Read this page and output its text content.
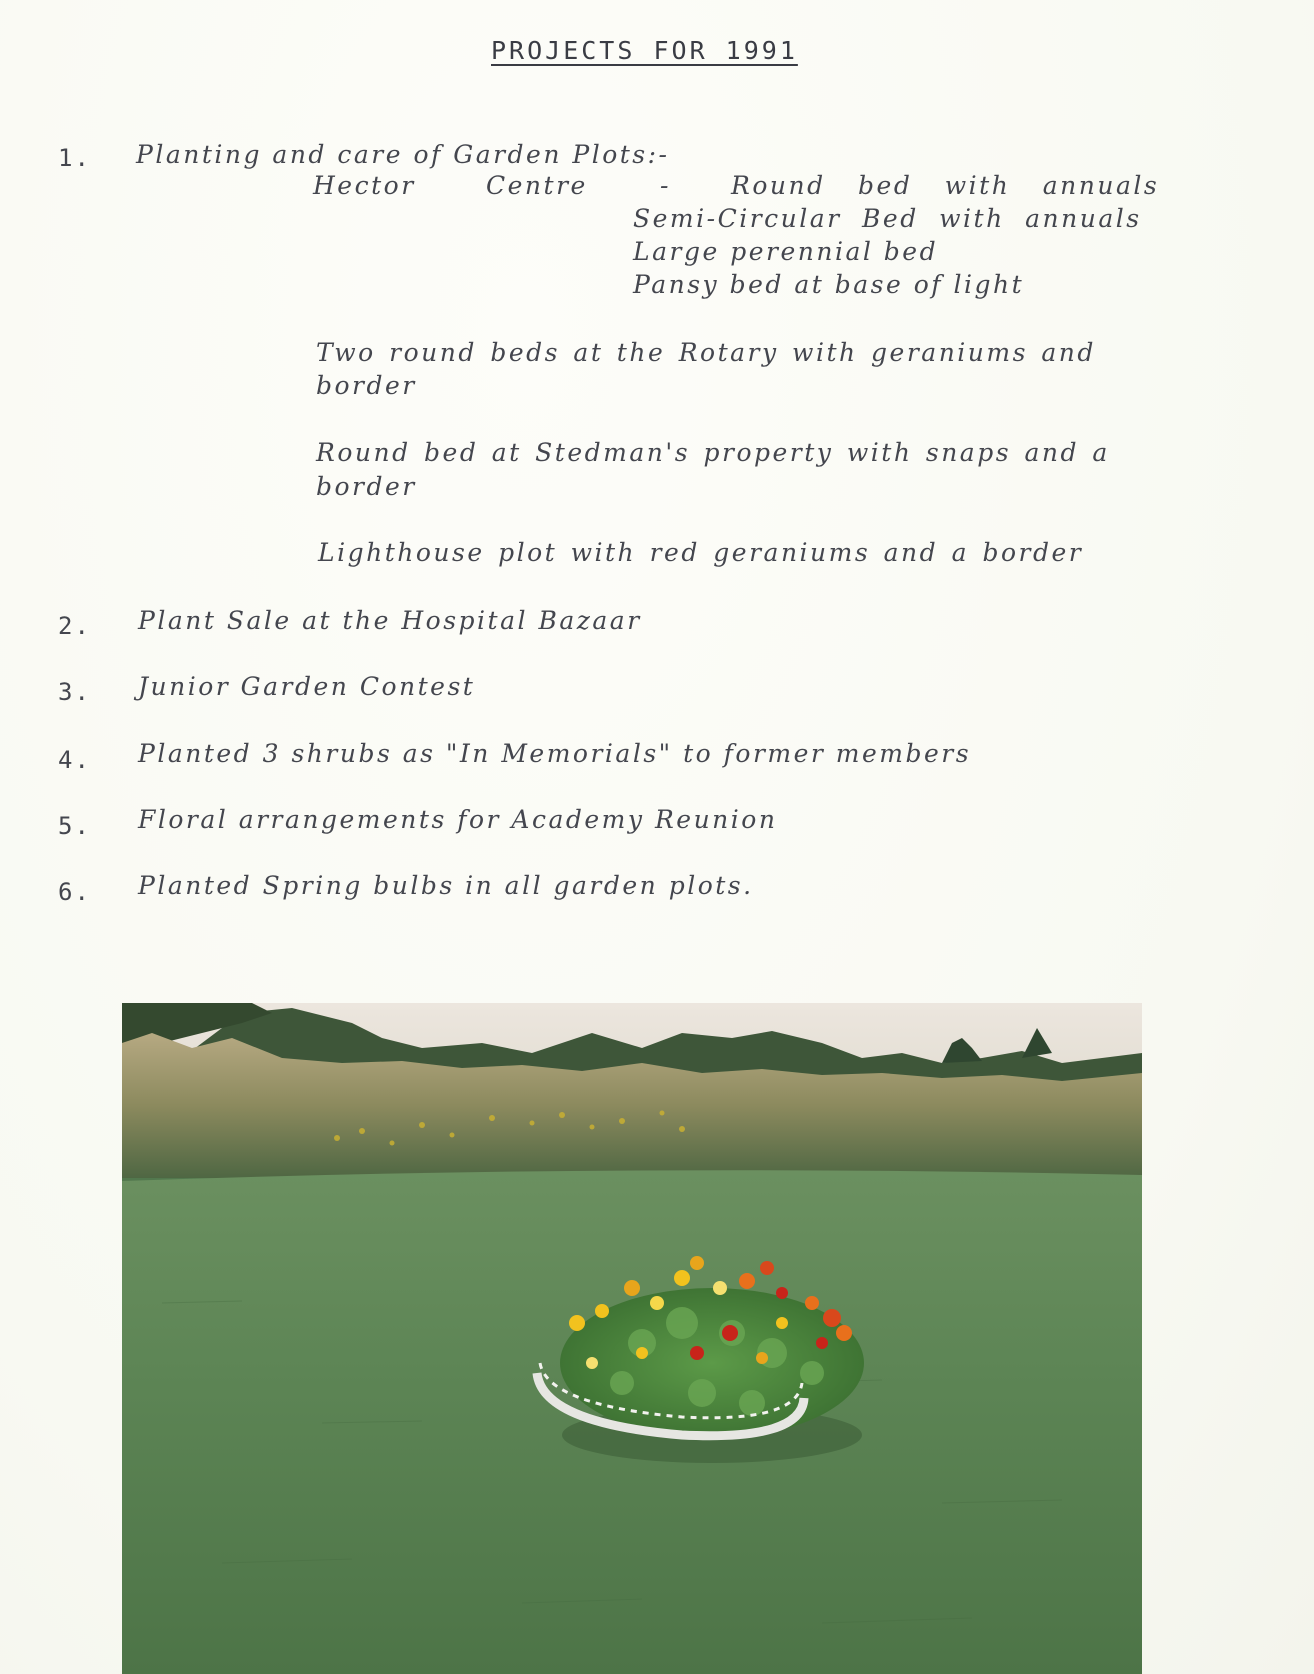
PROJECTS FOR 1991
1. Planting and care of Garden Plots:-
Hector	Centre	- Round bed with annuals
Semi-Circular Bed with annuals
Large perennial bed
Pansy bed at base of light
Two round beds at the Rotary with geraniums and
border
Round bed at Stedman's property with snaps and a
border
Lighthouse plot with red geraniums and a border
2. Plant Sale at the Hospital Bazaar
3. Junior Garden Contest
4. Planted 3 shrubs as "In Memorials" to former members
5. Floral arrangements for Academy Reunion
6. Planted Spring bulbs in all garden plots.
